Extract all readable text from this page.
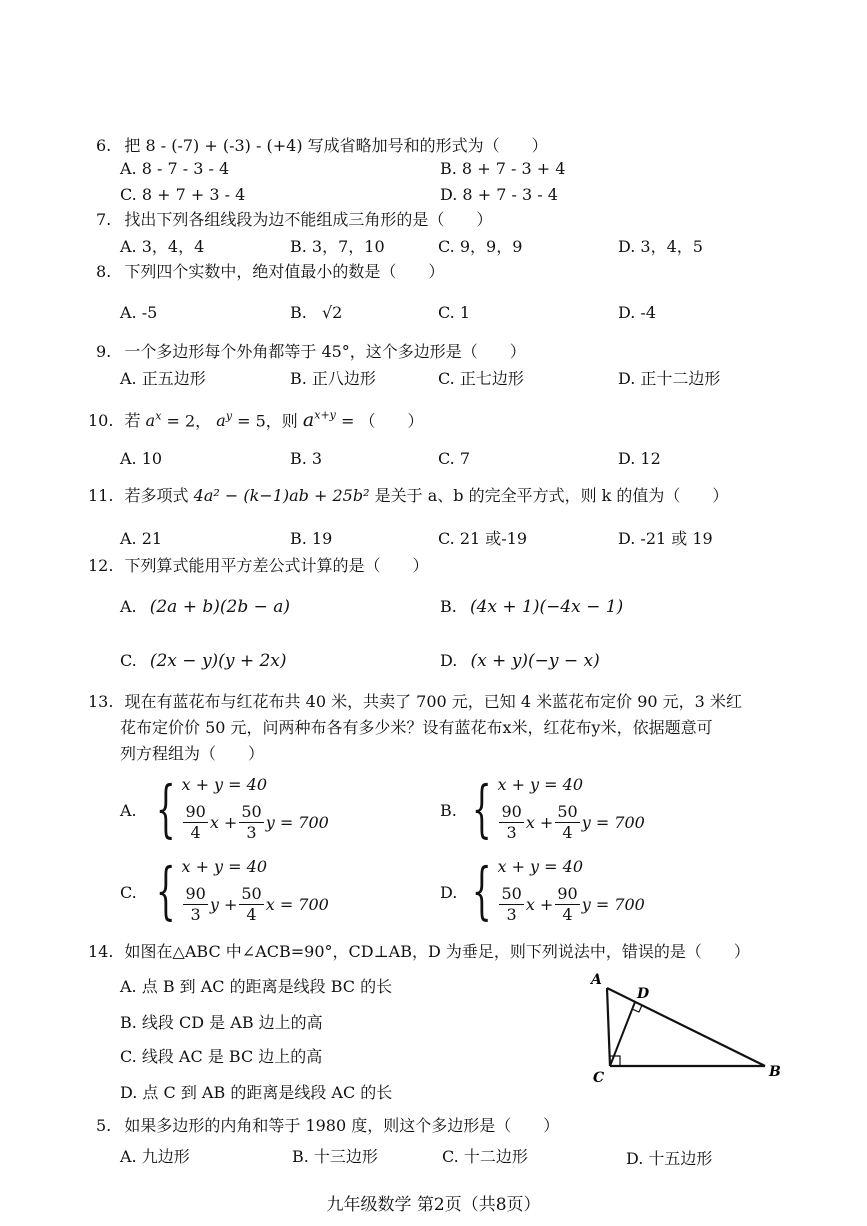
6. 把 8 - (-7) + (-3) - (+4) 写成省略加号和的形式为（　　）
A. 8 - 7 - 3 - 4	B. 8 + 7 - 3 + 4
C. 8 + 7 + 3 - 4	D. 8 + 7 - 3 - 4
7. 找出下列各组线段为边不能组成三角形的是（　　）
A. 3，4，4	B. 3，7，10	C. 9，9，9	D. 3，4，5
8. 下列四个实数中，绝对值最小的数是（　　）
A. -5	B. √2	C. 1	D. -4
9. 一个多边形每个外角都等于 45°，这个多边形是（　　）
A. 正五边形	B. 正八边形	C. 正七边形	D. 正十二边形
10. 若 $a^x = 2$， $a^y = 5$，则 $a^{x+y}$ = （　　）
A. 10	B. 3	C. 7	D. 12
11. 若多项式 4a² − (k−1)ab + 25b² 是关于 a、b 的完全平方式，则 k 的值为（　　）
A. 21	B. 19	C. 21 或-19	D. -21 或 19
12. 下列算式能用平方差公式计算的是（　　）
A. (2a + b)(2b − a)	B. (4x + 1)(−4x − 1)
C. (2x − y)(y + 2x)	D. (x + y)(−y − x)
13. 现在有蓝花布与红花布共 40 米，共卖了 700 元，已知 4 米蓝花布定价 90 元，3 米红
花布定价价 50 元，问两种布各有多少米？设有蓝花布x米，红花布y米，依据题意可
列方程组为（　　）
A. { x + y = 40
$\frac{90}{4}$ $x + \frac{50}{3}$ y = 700
B. { x + y = 40
$\frac{90}{3}$ $x + \frac{50}{4}$ y = 700
C. { x + y = 40
$\frac{90}{3}$ $y + \frac{50}{4}$ x = 700
D. { x + y = 40
$\frac{50}{3}$ $x + \frac{90}{4}$ y = 700
14. 如图在△ABC 中∠ACB=90°，CD⊥AB，D 为垂足，则下列说法中，错误的是（　　）
A. 点 B 到 AC 的距离是线段 BC 的长
B. 线段 CD 是 AB 边上的高
C. 线段 AC 是 BC 边上的高
D. 点 C 到 AB 的距离是线段 AC 的长
A
D
C	B
5. 如果多边形的内角和等于 1980 度，则这个多边形是（　　）
A. 九边形	B. 十三边形	C. 十二边形	D. 十五边形
九年级数学 第2页（共8页）
